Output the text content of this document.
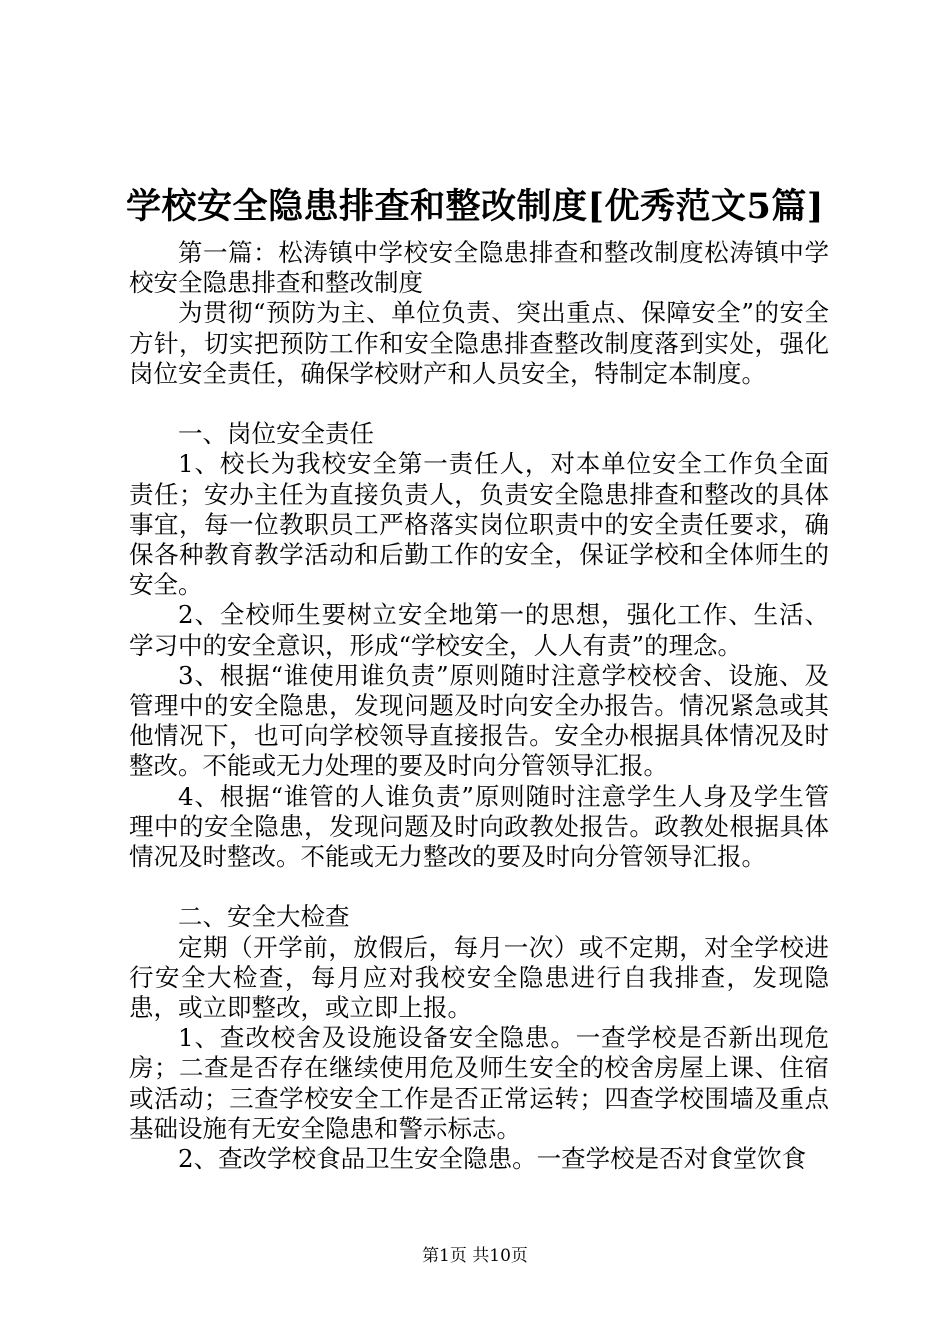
学校安全隐患排查和整改制度[优秀范文5篇]

第一篇：松涛镇中学校安全隐患排查和整改制度松涛镇中学校安全隐患排查和整改制度

为贯彻“预防为主、单位负责、突出重点、保障安全”的安全方针，切实把预防工作和安全隐患排查整改制度落到实处，强化岗位安全责任，确保学校财产和人员安全，特制定本制度。

一、岗位安全责任

1、校长为我校安全第一责任人，对本单位安全工作负全面责任；安办主任为直接负责人，负责安全隐患排查和整改的具体事宜，每一位教职员工严格落实岗位职责中的安全责任要求，确保各种教育教学活动和后勤工作的安全，保证学校和全体师生的安全。

2、全校师生要树立安全地第一的思想，强化工作、生活、学习中的安全意识，形成“学校安全，人人有责”的理念。

3、根据“谁使用谁负责”原则随时注意学校校舍、设施、及管理中的安全隐患，发现问题及时向安全办报告。情况紧急或其他情况下，也可向学校领导直接报告。安全办根据具体情况及时整改。不能或无力处理的要及时向分管领导汇报。

4、根据“谁管的人谁负责”原则随时注意学生人身及学生管理中的安全隐患，发现问题及时向政教处报告。政教处根据具体情况及时整改。不能或无力整改的要及时向分管领导汇报。

二、安全大检查

定期（开学前，放假后，每月一次）或不定期，对全学校进行安全大检查，每月应对我校安全隐患进行自我排查，发现隐患，或立即整改，或立即上报。

1、查改校舍及设施设备安全隐患。一查学校是否新出现危房；二查是否存在继续使用危及师生安全的校舍房屋上课、住宿或活动；三查学校安全工作是否正常运转；四查学校围墙及重点基础设施有无安全隐患和警示标志。

2、查改学校食品卫生安全隐患。一查学校是否对食堂饮食

第1页 共10页
